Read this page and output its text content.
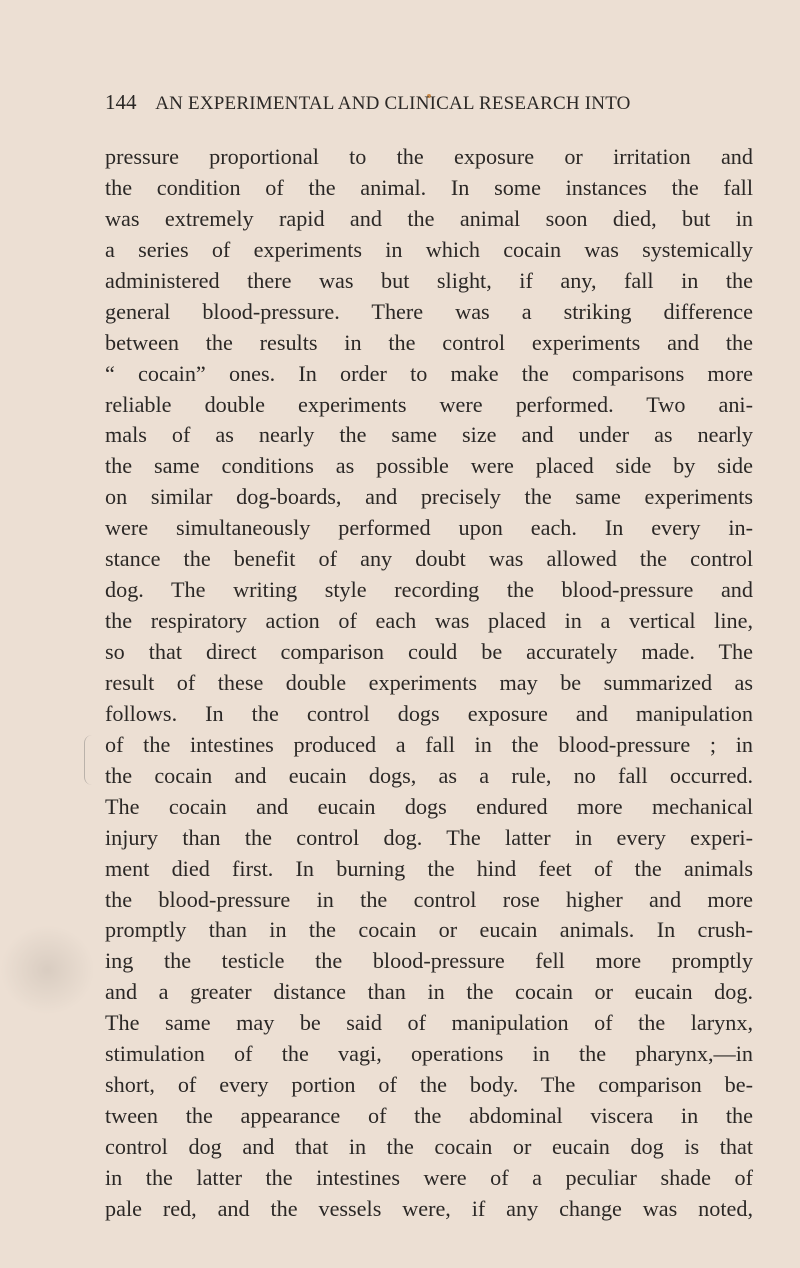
144 AN EXPERIMENTAL AND CLINICAL RESEARCH INTO
pressure proportional to the exposure or irritation and
the condition of the animal. In some instances the fall
was extremely rapid and the animal soon died, but in
a series of experiments in which cocain was systemically
administered there was but slight, if any, fall in the
general blood-pressure. There was a striking difference
between the results in the control experiments and the
“ cocain” ones. In order to make the comparisons more
reliable double experiments were performed. Two ani-
mals of as nearly the same size and under as nearly
the same conditions as possible were placed side by side
on similar dog-boards, and precisely the same experiments
were simultaneously performed upon each. In every in-
stance the benefit of any doubt was allowed the control
dog. The writing style recording the blood-pressure and
the respiratory action of each was placed in a vertical line,
so that direct comparison could be accurately made. The
result of these double experiments may be summarized as
follows. In the control dogs exposure and manipulation
of the intestines produced a fall in the blood-pressure ; in
the cocain and eucain dogs, as a rule, no fall occurred.
The cocain and eucain dogs endured more mechanical
injury than the control dog. The latter in every experi-
ment died first. In burning the hind feet of the animals
the blood-pressure in the control rose higher and more
promptly than in the cocain or eucain animals. In crush-
ing the testicle the blood-pressure fell more promptly
and a greater distance than in the cocain or eucain dog.
The same may be said of manipulation of the larynx,
stimulation of the vagi, operations in the pharynx,—in
short, of every portion of the body. The comparison be-
tween the appearance of the abdominal viscera in the
control dog and that in the cocain or eucain dog is that
in the latter the intestines were of a peculiar shade of
pale red, and the vessels were, if any change was noted,
